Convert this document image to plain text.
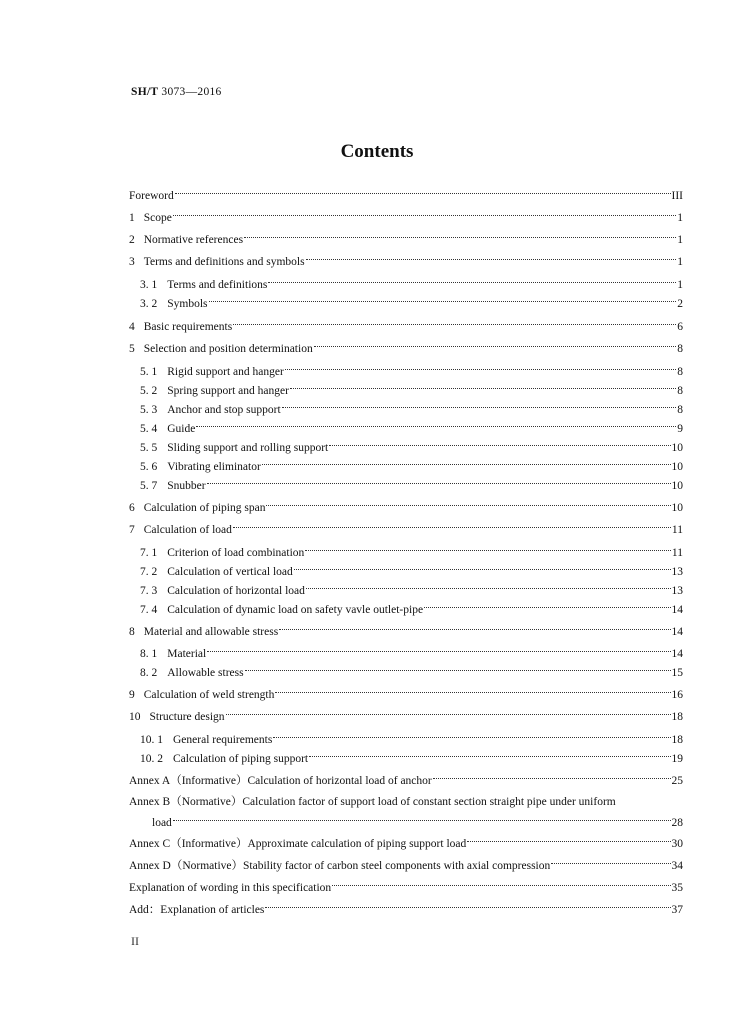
SH/T 3073—2016
Contents
Foreword	III
1 Scope	1
2 Normative references	1
3 Terms and definitions and symbols	1
3. 1 Terms and definitions	1
3. 2 Symbols	2
4 Basic requirements	6
5 Selection and position determination	8
5. 1 Rigid support and hanger	8
5. 2 Spring support and hanger	8
5. 3 Anchor and stop support	8
5. 4 Guide	9
5. 5 Sliding support and rolling support	10
5. 6 Vibrating eliminator	10
5. 7 Snubber	10
6 Calculation of piping span	10
7 Calculation of load	11
7. 1 Criterion of load combination	11
7. 2 Calculation of vertical load	13
7. 3 Calculation of horizontal load	13
7. 4 Calculation of dynamic load on safety vavle outlet-pipe	14
8 Material and allowable stress	14
8. 1 Material	14
8. 2 Allowable stress	15
9 Calculation of weld strength	16
10 Structure design	18
10. 1 General requirements	18
10. 2 Calculation of piping support	19
Annex A（Informative）Calculation of horizontal load of anchor	25
Annex B（Normative）Calculation factor of support load of constant section straight pipe under uniform
load	28
Annex C（Informative）Approximate calculation of piping support load	30
Annex D（Normative）Stability factor of carbon steel components with axial compression	34
Explanation of wording in this specification	35
Add：Explanation of articles	37
II
